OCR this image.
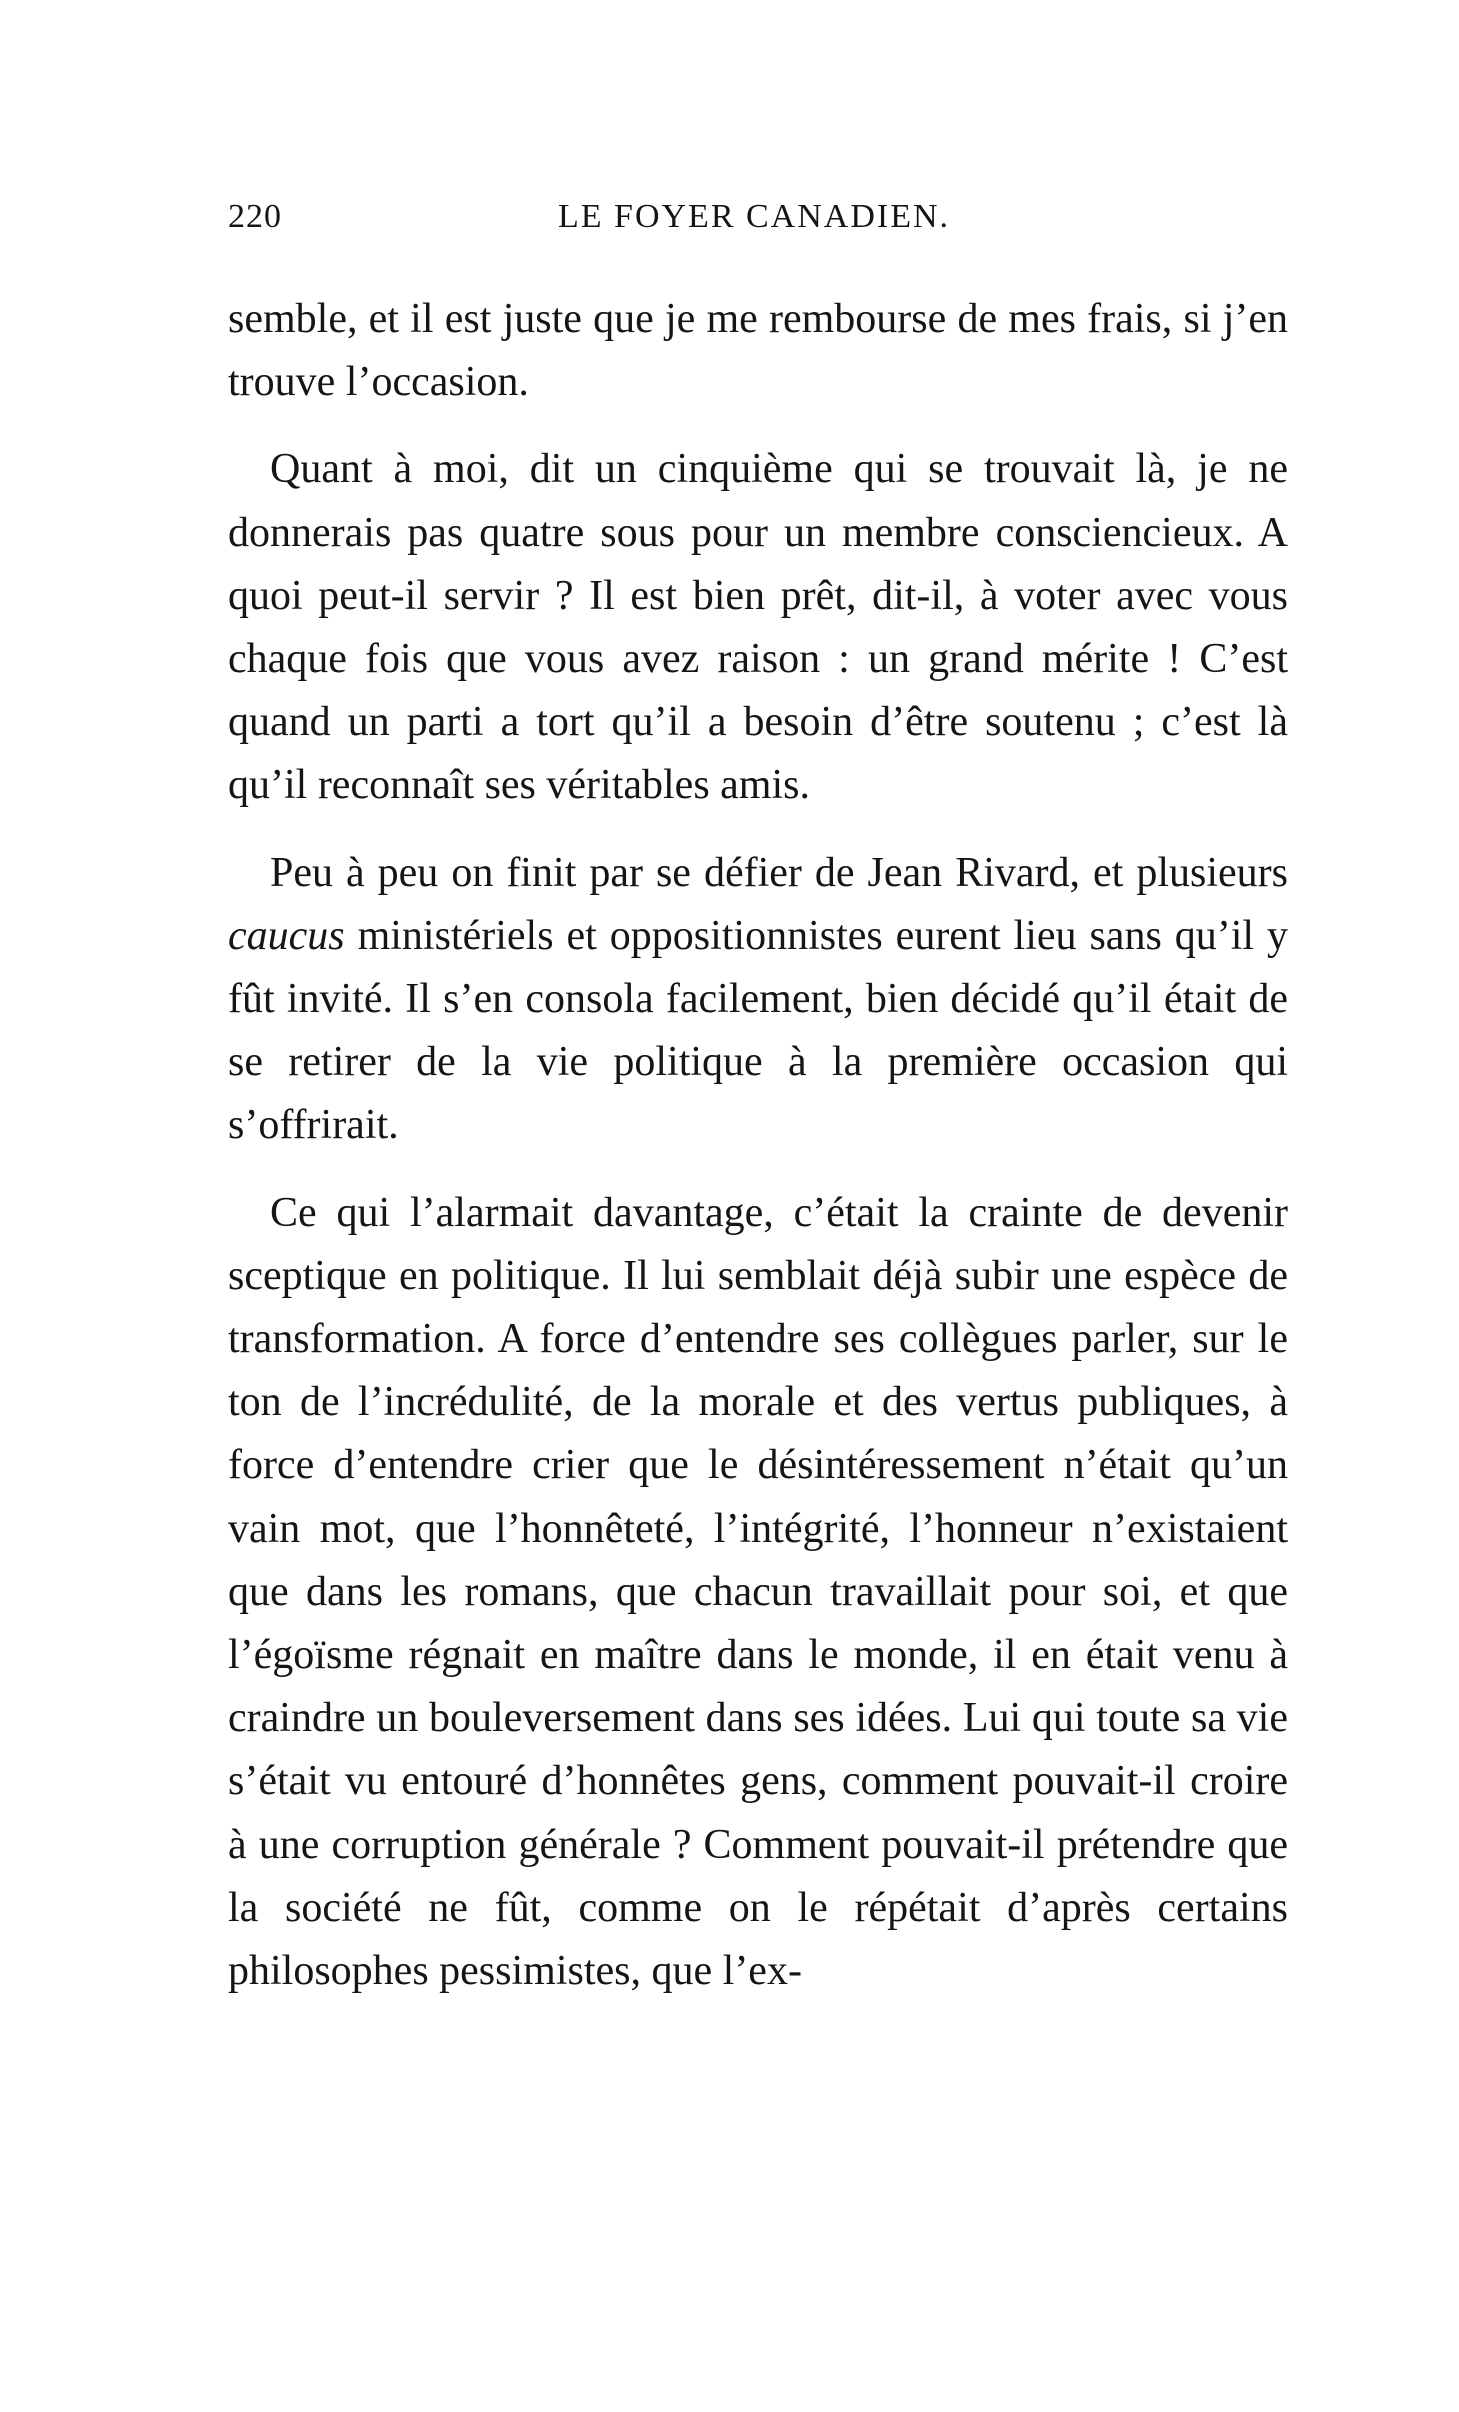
220	LE FOYER CANADIEN.

semble, et il est juste que je me rembourse de mes frais, si j’en trouve l’occasion.

Quant à moi, dit un cinquième qui se trouvait là, je ne donnerais pas quatre sous pour un membre consciencieux. A quoi peut-il servir ? Il est bien prêt, dit-il, à voter avec vous chaque fois que vous avez raison : un grand mérite ! C’est quand un parti a tort qu’il a besoin d’être soutenu ; c’est là qu’il reconnaît ses véritables amis.

Peu à peu on finit par se défier de Jean Rivard, et plusieurs caucus ministériels et oppositionnistes eurent lieu sans qu’il y fût invité. Il s’en consola facilement, bien décidé qu’il était de se retirer de la vie politique à la première occasion qui s’offrirait.

Ce qui l’alarmait davantage, c’était la crainte de devenir sceptique en politique. Il lui semblait déjà subir une espèce de transformation. A force d’entendre ses collègues parler, sur le ton de l’incrédulité, de la morale et des vertus publiques, à force d’entendre crier que le désintéressement n’était qu’un vain mot, que l’honnêteté, l’intégrité, l’honneur n’existaient que dans les romans, que chacun travaillait pour soi, et que l’égoïsme régnait en maître dans le monde, il en était venu à craindre un bouleversement dans ses idées. Lui qui toute sa vie s’était vu entouré d’honnêtes gens, comment pouvait-il croire à une corruption générale ? Comment pouvait-il prétendre que la société ne fût, comme on le répétait d’après certains philosophes pessimistes, que l’ex-
